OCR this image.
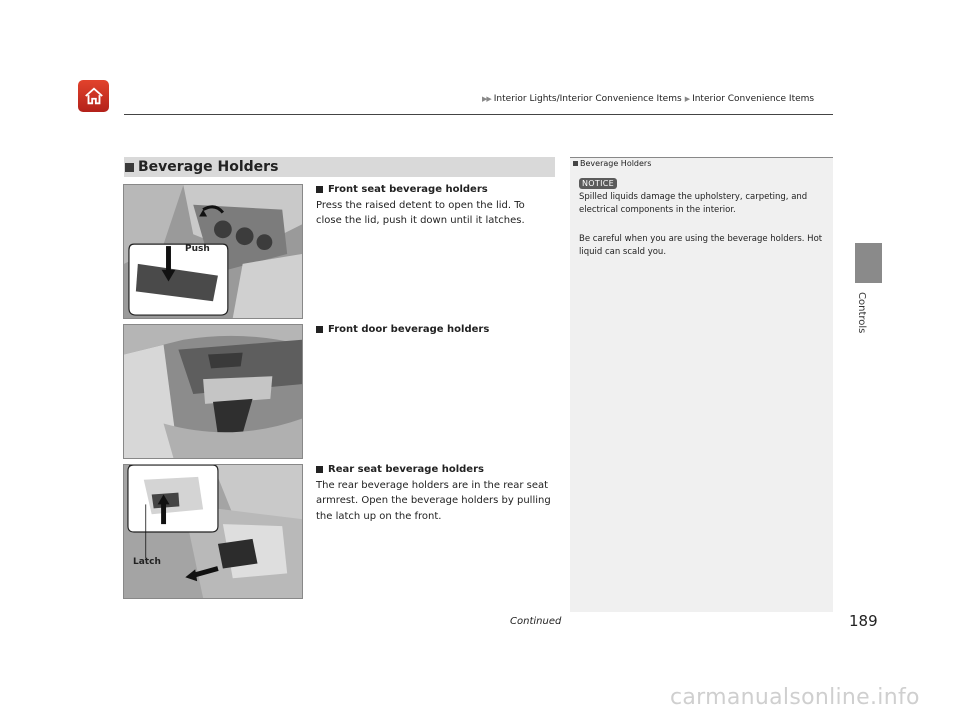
▶▶ Interior Lights/Interior Convenience Items ▶ Interior Convenience Items
Beverage Holders
Push
Latch
Front seat beverage holders
Press the raised detent to open the lid. To close the lid, push it down until it latches.
Front door beverage holders
Rear seat beverage holders
The rear beverage holders are in the rear seat armrest. Open the beverage holders by pulling the latch up on the front.
Beverage Holders
NOTICE
Spilled liquids damage the upholstery, carpeting, and electrical components in the interior.
Be careful when you are using the beverage holders. Hot liquid can scald you.
Controls
Continued	189
carmanualsonline.info
